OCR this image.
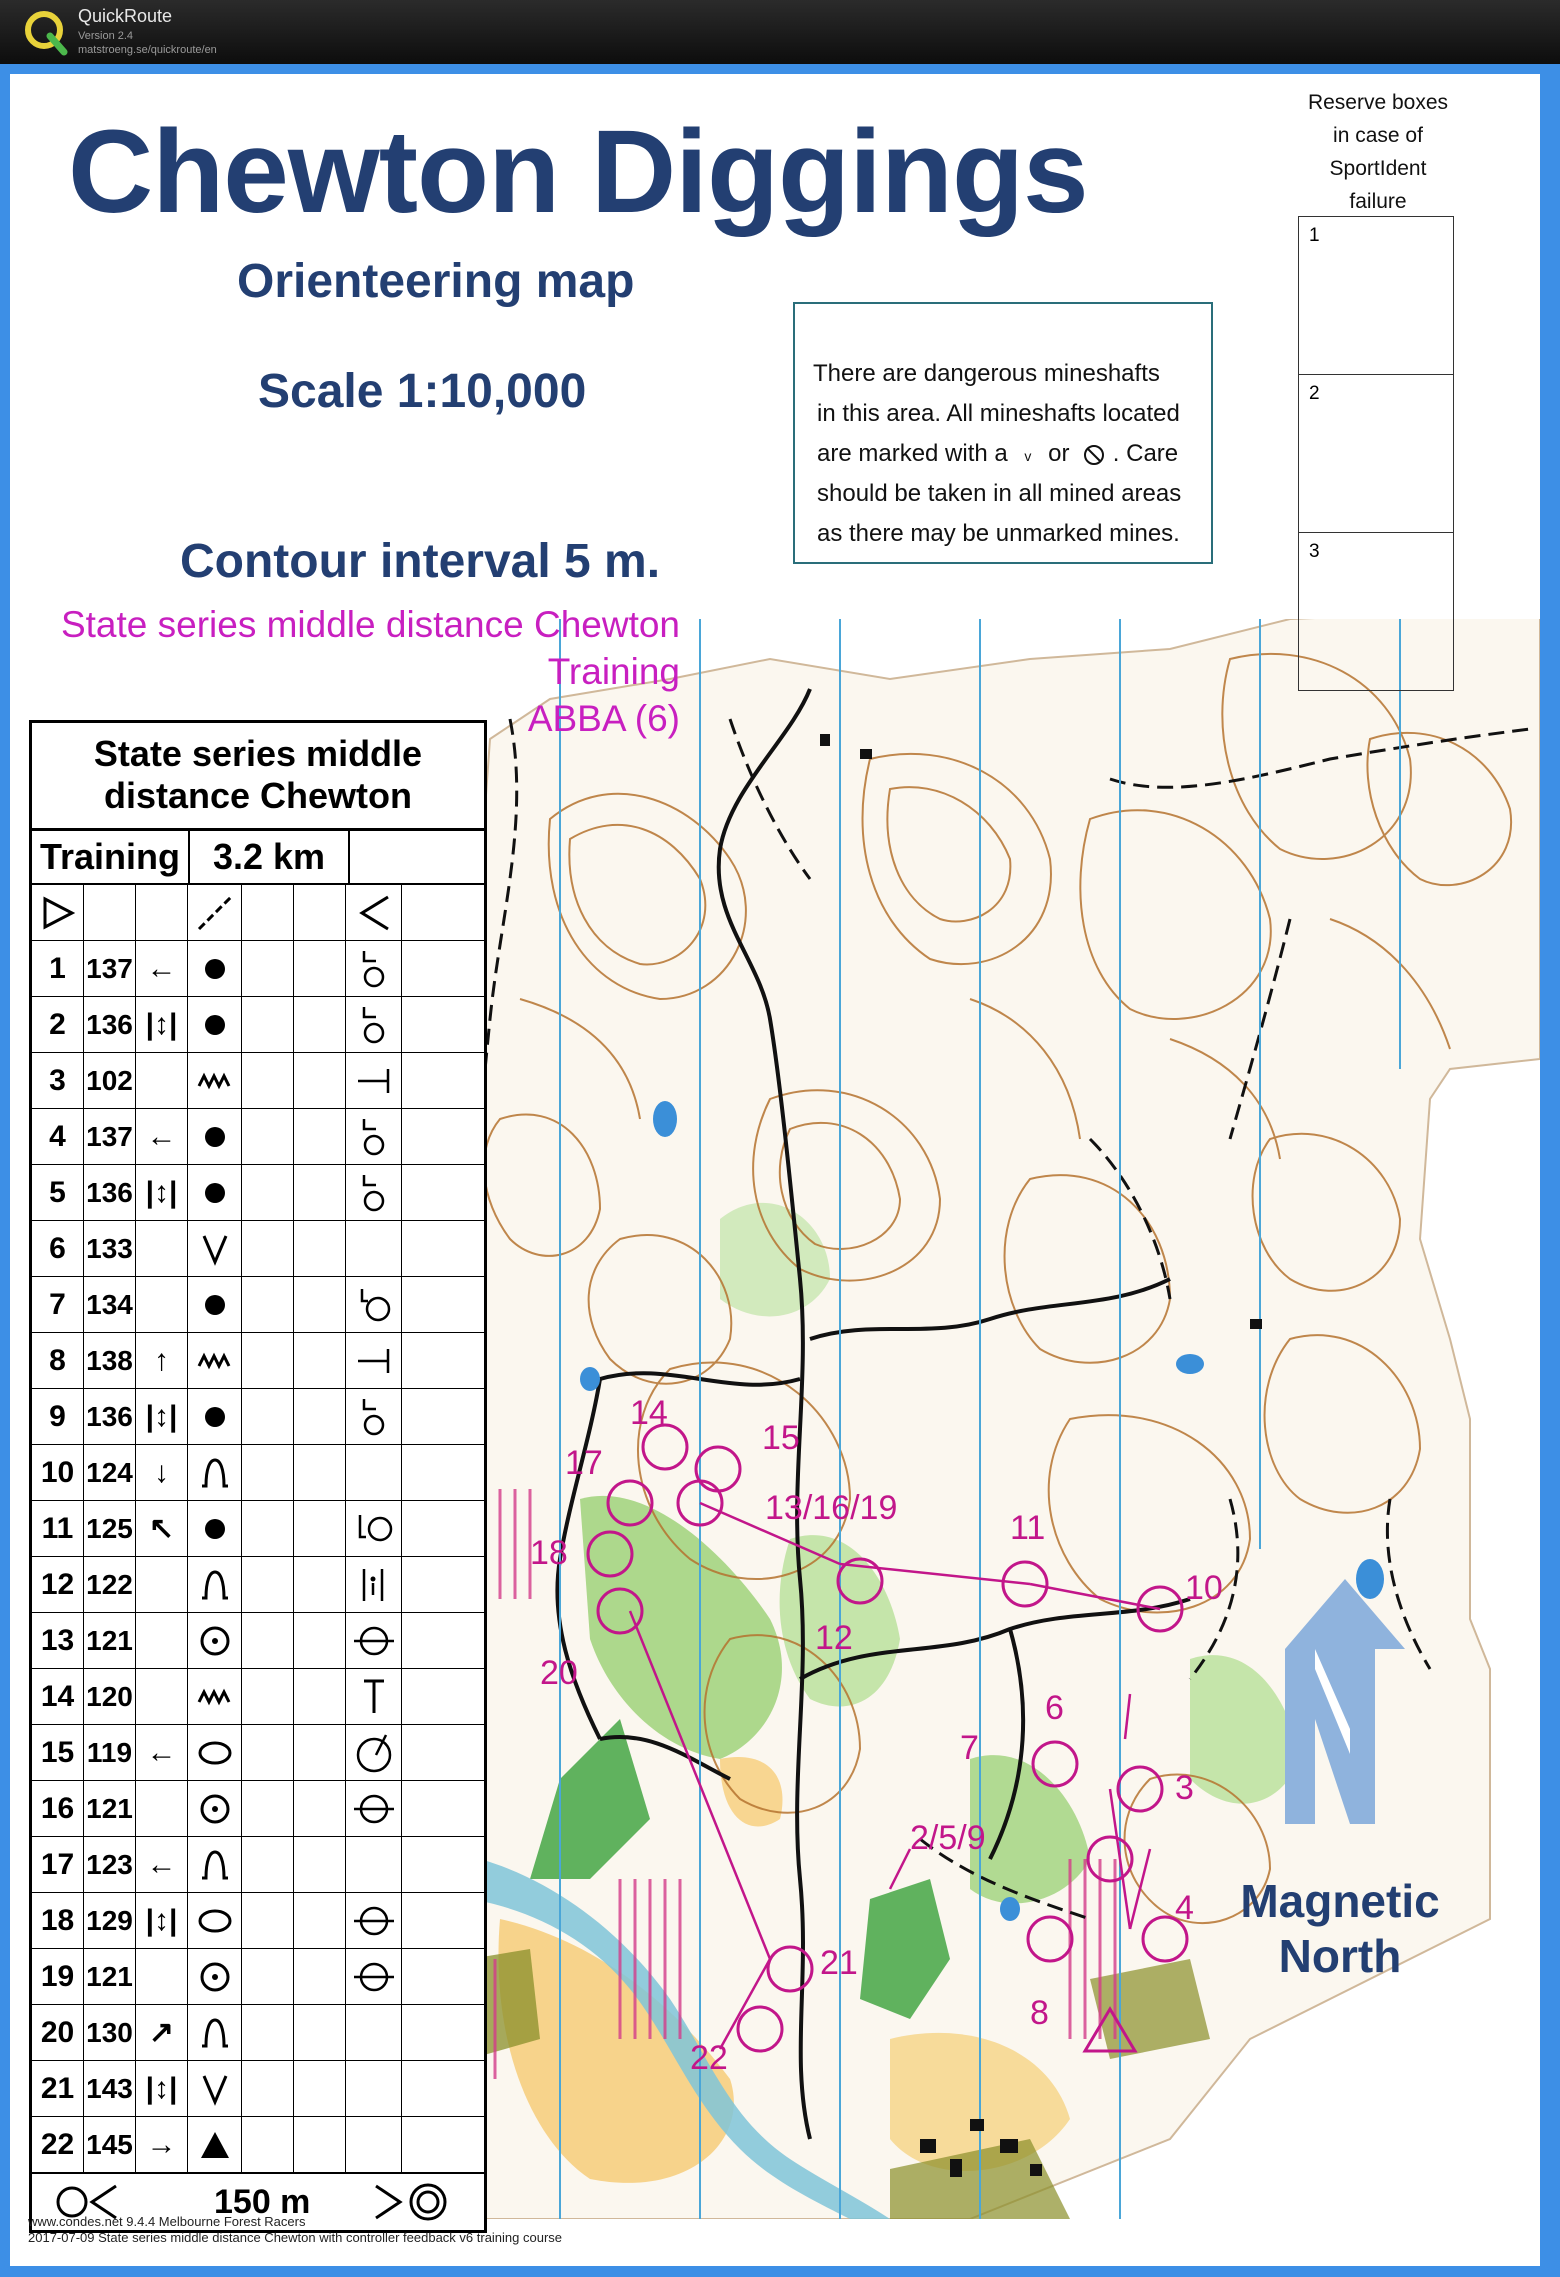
QuickRoute
Version 2.4
matstroeng.se/quickroute/en
14
15
17
13/16/19
18
11
10
12
20
6
7
3
2/5/9
4
21
8
22
Chewton Diggings
Orienteering map
Scale 1:10,000
Contour interval 5 m.
State series middle distance Chewton
Training
ABBA (6)
There are dangerous mineshafts
in this area. All mineshafts located
are marked with a v or . Care
should be taken in all mined areas
as there may be unmarked mines.
Reserve boxes
in case of
SportIdent
failure
1
2
3
Magnetic
North
State series middle
distance Chewton
Training 3.2 km
1 137 ←
2 136 |↕|
3 102
4 137 ←
5 136 |↕|
6 133
7 134
8 138 ↑
9 136 |↕|
10 124 ↓
11 125 ↖
12 122
13 121
14 120
15 119 ←
16 121
17 123 ←
18 129 |↕|
19 121
20 130 ↗
21 143 |↕|
22 145 →
150 m
www.condes.net 9.4.4 Melbourne Forest Racers
2017-07-09 State series middle distance Chewton with controller feedback v6 training course
